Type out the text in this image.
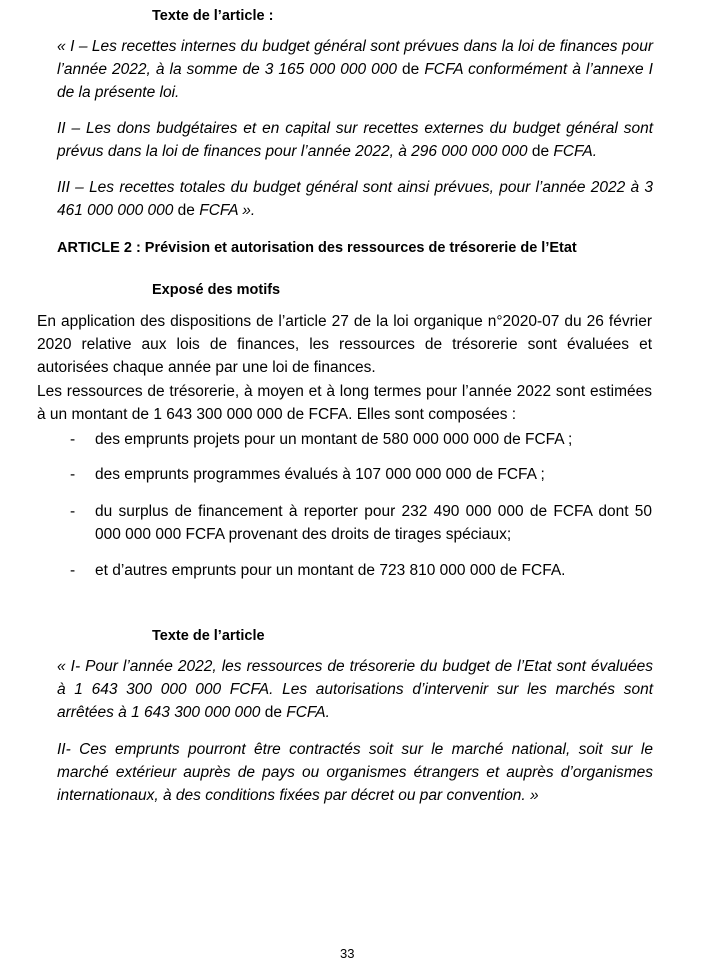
Texte de l’article :

« I – Les recettes internes du budget général sont prévues dans la loi de finances pour l’année 2022, à la somme de 3 165 000 000 000 de FCFA conformément à l’annexe I de la présente loi.

II – Les dons budgétaires et en capital sur recettes externes du budget général sont prévus dans la loi de finances pour l’année 2022, à 296 000 000 000 de FCFA.

III – Les recettes totales du budget général sont ainsi prévues, pour l’année 2022 à 3 461 000 000 000 de FCFA ».

ARTICLE 2 : Prévision et autorisation des ressources de trésorerie de l’Etat
Exposé des motifs

En application des dispositions de l’article 27 de la loi organique n°2020-07 du 26 février 2020 relative aux lois de finances, les ressources de trésorerie sont évaluées et autorisées chaque année par une loi de finances.

Les ressources de trésorerie, à moyen et à long termes pour l’année 2022 sont estimées à un montant de 1 643 300 000 000 de FCFA. Elles sont composées :

- des emprunts projets pour un montant de 580 000 000 000 de FCFA ;
- des emprunts programmes évalués à 107 000 000 000 de FCFA ;
- du surplus de financement à reporter pour 232 490 000 000 de FCFA dont 50 000 000 000 FCFA provenant des droits de tirages spéciaux;
- et d’autres emprunts pour un montant de 723 810 000 000 de FCFA.
Texte de l’article

« I- Pour l’année 2022, les ressources de trésorerie du budget de l’Etat sont évaluées à 1 643 300 000 000 FCFA. Les autorisations d’intervenir sur les marchés sont arrêtées à 1 643 300 000 000 de FCFA.

II- Ces emprunts pourront être contractés soit sur le marché national, soit sur le marché extérieur auprès de pays ou organismes étrangers et auprès d’organismes internationaux, à des conditions fixées par décret ou par convention. »

33
